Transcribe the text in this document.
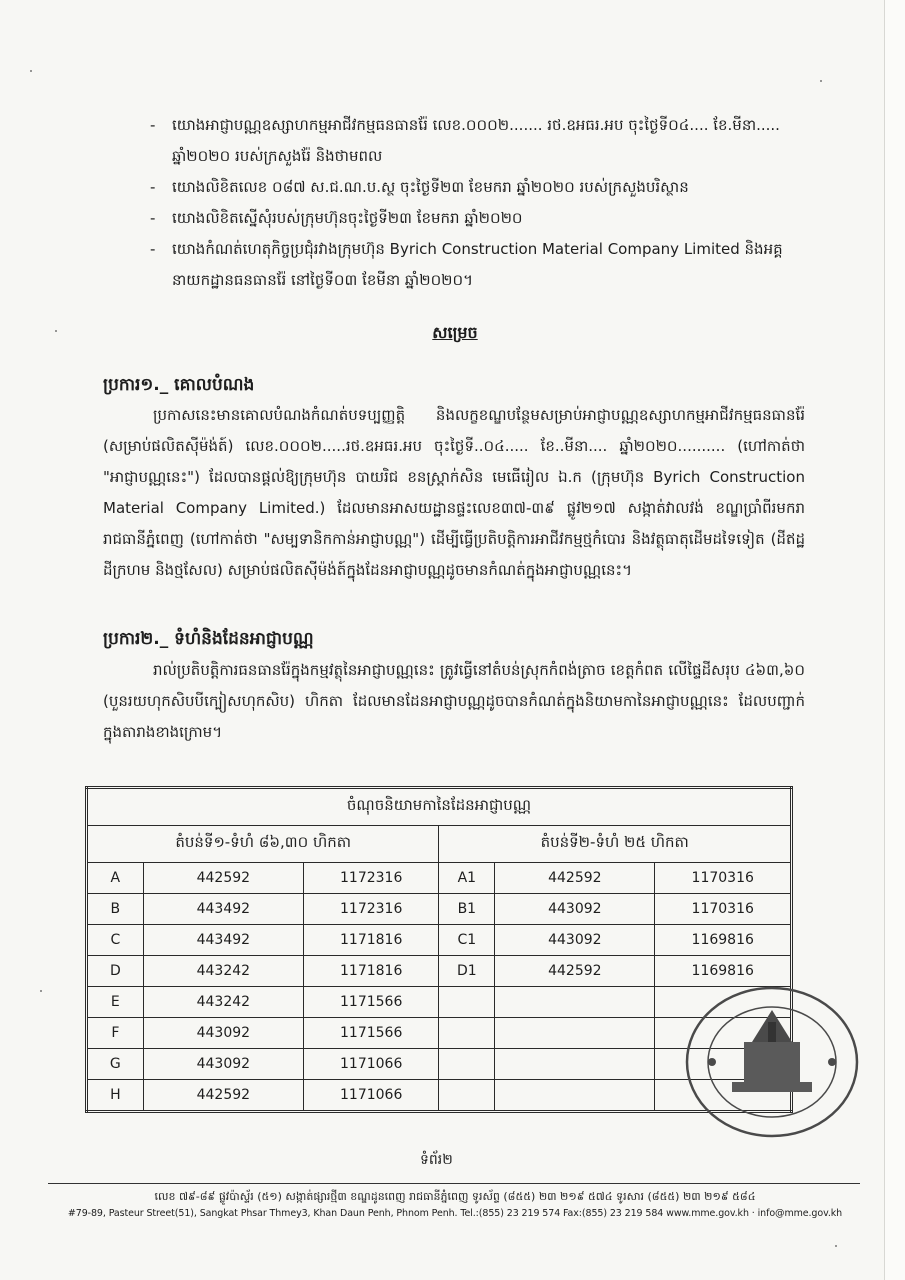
- យោងអាជ្ញាបណ្ណឧស្សាហកម្មអាជីវកម្មធនធានរ៉ែ លេខ.០០០២....... រថ.ឧអធរ.អប ចុះថ្ងៃទី០៤.... ខែ.មីនា..... ឆ្នាំ២០២០ របស់ក្រសួងរ៉ែ និងថាមពល
- យោងលិខិតលេខ ០៨៧ ស.ជ.ណ.ប.ស្ថ ចុះថ្ងៃទី២៣ ខែមករា ឆ្នាំ២០២០ របស់ក្រសួងបរិស្ថាន
- យោងលិខិតស្នើសុំរបស់ក្រុមហ៊ុនចុះថ្ងៃទី២៣ ខែមករា ឆ្នាំ២០២០
- យោងកំណត់ហេតុកិច្ចប្រជុំរវាងក្រុមហ៊ុន Byrich Construction Material Company Limited និងអគ្គនាយកដ្ឋានធនធានរ៉ែ នៅថ្ងៃទី០៣ ខែមីនា ឆ្នាំ២០២០។
សម្រេច
ប្រការ១._ គោលបំណង

ប្រកាសនេះមានគោលបំណងកំណត់បទប្បញ្ញត្តិ និងលក្ខខណ្ឌបន្ថែមសម្រាប់អាជ្ញាបណ្ណឧស្សាហកម្មអាជីវកម្មធនធានរ៉ែ (សម្រាប់ផលិតស៊ីម៉ង់ត៍) លេខ.០០០២.....រថ.ឧអធរ.អប ចុះថ្ងៃទី..០៤..... ខែ..មីនា.... ឆ្នាំ២០២០.......... (ហៅកាត់ថា "អាជ្ញាបណ្ណនេះ") ដែលបានផ្តល់ឱ្យក្រុមហ៊ុន បាយរិជ ខនស្ត្រាក់សិន មេធើរៀល ឯ.ក (ក្រុមហ៊ុន Byrich Construction Material Company Limited.) ដែលមានអាសយដ្ឋានផ្ទះលេខ៣៧-៣៩ ផ្លូវ២១៧ សង្កាត់វាលវង់ ខណ្ឌប្រាំពីរមករា រាជធានីភ្នំពេញ (ហៅកាត់ថា "សម្បទានិកកាន់អាជ្ញាបណ្ណ") ដើម្បីធ្វើប្រតិបត្តិការអាជីវកម្មថ្មកំបោរ និងវត្ថុធាតុដើមដទៃទៀត (ដីឥដ្ឋ ដីក្រហម និងថ្មសែល) សម្រាប់ផលិតស៊ីម៉ង់ត៍ក្នុងដែនអាជ្ញាបណ្ណដូចមានកំណត់ក្នុងអាជ្ញាបណ្ណនេះ។

ប្រការ២._ ទំហំនិងដែនអាជ្ញាបណ្ណ

រាល់ប្រតិបត្តិការធនធានរ៉ែក្នុងកម្មវត្ថុនៃអាជ្ញាបណ្ណនេះ ត្រូវធ្វើនៅតំបន់ស្រុកកំពង់ត្រាច ខេត្តកំពត លើផ្ទៃដីសរុប ៤៦៣,៦០ (បួនរយហុកសិបបីក្បៀសហុកសិប) ហិកតា ដែលមានដែនអាជ្ញាបណ្ណដូចបានកំណត់ក្នុងនិយាមកានៃអាជ្ញាបណ្ណនេះ ដែលបញ្ជាក់ក្នុងតារាងខាងក្រោម។

ចំណុចនិយាមកានៃដែនអាជ្ញាបណ្ណ					
តំបន់ទី១-ទំហំ ៨៦,៣០ ហិកតា			តំបន់ទី២-ទំហំ ២៥ ហិកតា		
A	442592	1172316	A1	442592	1170316
B	443492	1172316	B1	443092	1170316
C	443492	1171816	C1	443092	1169816
D	443242	1171816	D1	442592	1169816
E	443242	1171566			
F	443092	1171566			
G	443092	1171066			
H	442592	1171066			
ទំព័រ២
លេខ ៧៩-៨៩ ផ្លូវប៉ាស្ទ័រ (៥១) សង្កាត់ផ្សារថ្មី៣ ខណ្ឌដូនពេញ រាជធានីភ្នំពេញ ទូរស័ព្ទ (៨៥៥) ២៣ ២១៩ ៥៧៤ ទូរសារ (៨៥៥) ២៣ ២១៩ ៥៨៤
#79-89, Pasteur Street(51), Sangkat Phsar Thmey3, Khan Daun Penh, Phnom Penh. Tel.:(855) 23 219 574 Fax:(855) 23 219 584 www.mme.gov.kh · info@mme.gov.kh
